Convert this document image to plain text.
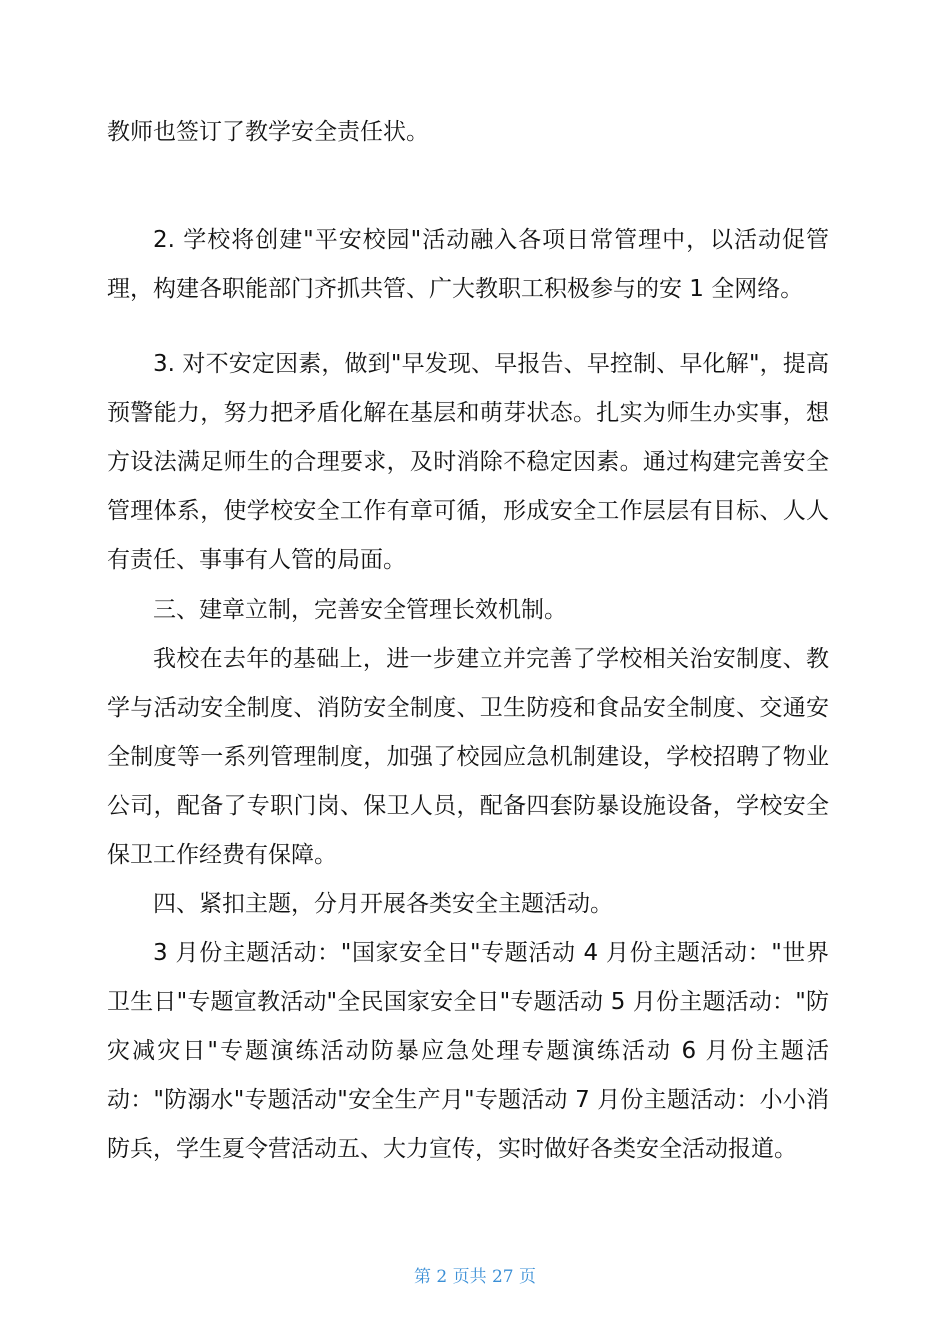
教师也签订了教学安全责任状。

2. 学校将创建"平安校园"活动融入各项日常管理中，以活动促管理，构建各职能部门齐抓共管、广大教职工积极参与的安 1 全网络。

3. 对不安定因素，做到"早发现、早报告、早控制、早化解"，提高预警能力，努力把矛盾化解在基层和萌芽状态。扎实为师生办实事，想方设法满足师生的合理要求，及时消除不稳定因素。通过构建完善安全管理体系，使学校安全工作有章可循，形成安全工作层层有目标、人人有责任、事事有人管的局面。

三、建章立制，完善安全管理长效机制。

我校在去年的基础上，进一步建立并完善了学校相关治安制度、教学与活动安全制度、消防安全制度、卫生防疫和食品安全制度、交通安全制度等一系列管理制度，加强了校园应急机制建设，学校招聘了物业公司，配备了专职门岗、保卫人员，配备四套防暴设施设备，学校安全保卫工作经费有保障。

四、紧扣主题，分月开展各类安全主题活动。

3 月份主题活动："国家安全日"专题活动 4 月份主题活动："世界卫生日"专题宣教活动"全民国家安全日"专题活动 5 月份主题活动："防灾减灾日"专题演练活动防暴应急处理专题演练活动 6 月份主题活动："防溺水"专题活动"安全生产月"专题活动 7 月份主题活动：小小消防兵，学生夏令营活动五、大力宣传，实时做好各类安全活动报道。

第 2 页共 27 页
